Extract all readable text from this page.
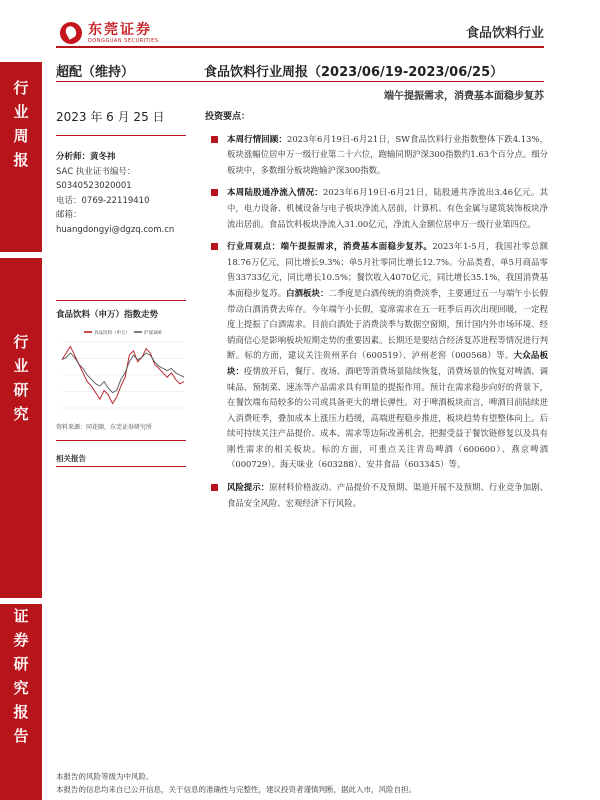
东莞证券
DONGGUAN SECURITIES	食品饮料行业
行
业
周
报
行
业
研
究
证
券
研
究
报
告
超配（维持）	食品饮料行业周报（2023/06/19-2023/06/25）
端午提振需求，消费基本面稳步复苏
2023 年 6 月 25 日
分析师：黄冬祎
SAC 执业证书编号：
S0340523020001
电话：0769-22119410
邮箱：
huangdongyi@dgzq.com.cn
食品饮料（申万）指数走势
食品饮料（申万）	沪深300
资料来源：同花顺，东莞证券研究所
相关报告
投资要点：
本周行情回顾：2023年6月19日-6月21日，SW食品饮料行业指数整体下跌4.13%，板块涨幅位居申万一级行业第二十六位，跑输同期沪深300指数约1.63个百分点。细分板块中，多数细分板块跑输沪深300指数。
本周陆股通净流入情况：2023年6月19日-6月21日，陆股通共净流出3.46亿元。其中，电力设备、机械设备与电子板块净流入居前，计算机、有色金属与建筑装饰板块净流出居前。食品饮料板块净流入31.00亿元，净流入金额位居申万一级行业第四位。
行业周观点：端午提振需求，消费基本面稳步复苏。2023年1-5月，我国社零总额18.76万亿元，同比增长9.3%；单5月社零同比增长12.7%。分品类看，单5月商品零售33733亿元，同比增长10.5%；餐饮收入4070亿元，同比增长35.1%，我国消费基本面稳步复苏。白酒板块：二季度是白酒传统的消费淡季，主要通过五一与端午小长假带动白酒消费去库存。今年端午小长假，宴席需求在五一旺季后再次出现回暖，一定程度上提振了白酒需求。目前白酒处于消费淡季与数据空窗期，预计国内外市场环境、经销商信心是影响板块短期走势的重要因素。长期还是要结合经济复苏进程等情况进行判断。标的方面，建议关注贵州茅台（600519）、泸州老窖（000568）等。大众品板块：疫情放开后，餐厅、夜场、酒吧等消费场景陆续恢复，消费场景的恢复对啤酒、调味品、预制菜、速冻等产品需求具有明显的提振作用。预计在需求稳步向好的背景下，在餐饮端布局较多的公司或具备更大的增长弹性。对于啤酒板块而言，啤酒目前陆续进入消费旺季，叠加成本上涨压力趋缓，高端进程稳步推进，板块趋势有望整体向上。后续可持续关注产品提价、成本、需求等边际改善机会，把握受益于餐饮链修复以及具有刚性需求的相关板块。标的方面，可重点关注青岛啤酒（600600）、燕京啤酒（000729）、海天味业（603288）、安井食品（603345）等。
风险提示：原材料价格波动、产品提价不及预期、渠道开展不及预期、行业竞争加剧、食品安全风险、宏观经济下行风险。
本报告的风险等级为中风险。
本报告的信息均来自已公开信息，关于信息的准确性与完整性，建议投资者谨慎判断，据此入市，风险自担。
